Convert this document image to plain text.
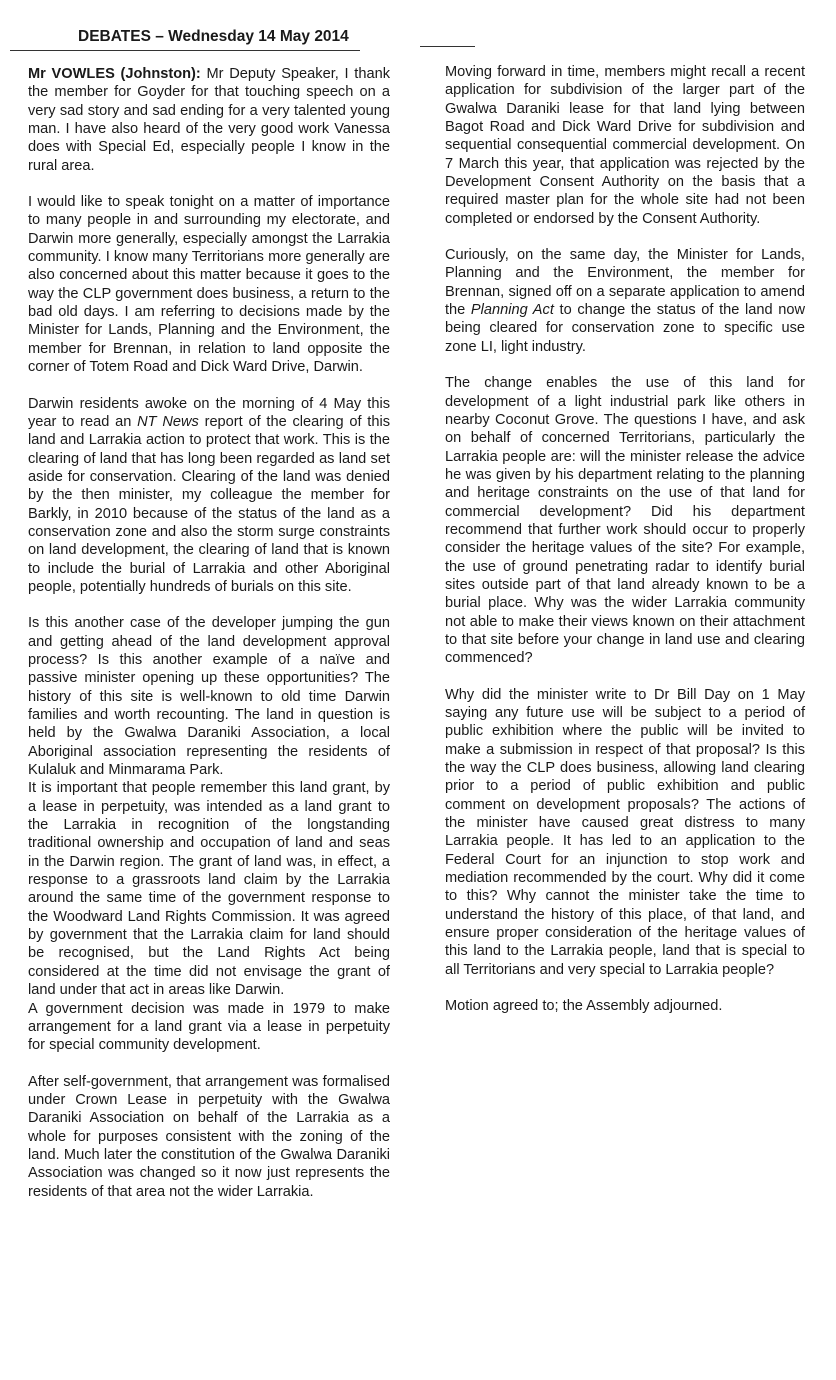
DEBATES – Wednesday 14 May 2014

Mr VOWLES (Johnston): Mr Deputy Speaker, I thank the member for Goyder for that touching speech on a very sad story and sad ending for a very talented young man. I have also heard of the very good work Vanessa does with Special Ed, especially people I know in the rural area.

I would like to speak tonight on a matter of importance to many people in and surrounding my electorate, and Darwin more generally, especially amongst the Larrakia community. I know many Territorians more generally are also concerned about this matter because it goes to the way the CLP government does business, a return to the bad old days. I am referring to decisions made by the Minister for Lands, Planning and the Environment, the member for Brennan, in relation to land opposite the corner of Totem Road and Dick Ward Drive, Darwin.

Darwin residents awoke on the morning of 4 May this year to read an NT News report of the clearing of this land and Larrakia action to protect that work. This is the clearing of land that has long been regarded as land set aside for conservation. Clearing of the land was denied by the then minister, my colleague the member for Barkly, in 2010 because of the status of the land as a conservation zone and also the storm surge constraints on land development, the clearing of land that is known to include the burial of Larrakia and other Aboriginal people, potentially hundreds of burials on this site.

Is this another case of the developer jumping the gun and getting ahead of the land development approval process? Is this another example of a naïve and passive minister opening up these opportunities? The history of this site is well-known to old time Darwin families and worth recounting. The land in question is held by the Gwalwa Daraniki Association, a local Aboriginal association representing the residents of Kulaluk and Minmarama Park.

It is important that people remember this land grant, by a lease in perpetuity, was intended as a land grant to the Larrakia in recognition of the longstanding traditional ownership and occupation of land and seas in the Darwin region. The grant of land was, in effect, a response to a grassroots land claim by the Larrakia around the same time of the government response to the Woodward Land Rights Commission. It was agreed by government that the Larrakia claim for land should be recognised, but the Land Rights Act being considered at the time did not envisage the grant of land under that act in areas like Darwin.

A government decision was made in 1979 to make arrangement for a land grant via a lease in perpetuity for special community development.

After self-government, that arrangement was formalised under Crown Lease in perpetuity with the Gwalwa Daraniki Association on behalf of the Larrakia as a whole for purposes consistent with the zoning of the land. Much later the constitution of the Gwalwa Daraniki Association was changed so it now just represents the residents of that area not the wider Larrakia.

Moving forward in time, members might recall a recent application for subdivision of the larger part of the Gwalwa Daraniki lease for that land lying between Bagot Road and Dick Ward Drive for subdivision and sequential consequential commercial development. On 7 March this year, that application was rejected by the Development Consent Authority on the basis that a required master plan for the whole site had not been completed or endorsed by the Consent Authority.

Curiously, on the same day, the Minister for Lands, Planning and the Environment, the member for Brennan, signed off on a separate application to amend the Planning Act to change the status of the land now being cleared for conservation zone to specific use zone LI, light industry.

The change enables the use of this land for development of a light industrial park like others in nearby Coconut Grove. The questions I have, and ask on behalf of concerned Territorians, particularly the Larrakia people are: will the minister release the advice he was given by his department relating to the planning and heritage constraints on the use of that land for commercial development? Did his department recommend that further work should occur to properly consider the heritage values of the site? For example, the use of ground penetrating radar to identify burial sites outside part of that land already known to be a burial place. Why was the wider Larrakia community not able to make their views known on their attachment to that site before your change in land use and clearing commenced?

Why did the minister write to Dr Bill Day on 1 May saying any future use will be subject to a period of public exhibition where the public will be invited to make a submission in respect of that proposal? Is this the way the CLP does business, allowing land clearing prior to a period of public exhibition and public comment on development proposals? The actions of the minister have caused great distress to many Larrakia people. It has led to an application to the Federal Court for an injunction to stop work and mediation recommended by the court. Why did it come to this? Why cannot the minister take the time to understand the history of this place, of that land, and ensure proper consideration of the heritage values of this land to the Larrakia people, land that is special to all Territorians and very special to Larrakia people?

Motion agreed to; the Assembly adjourned.
